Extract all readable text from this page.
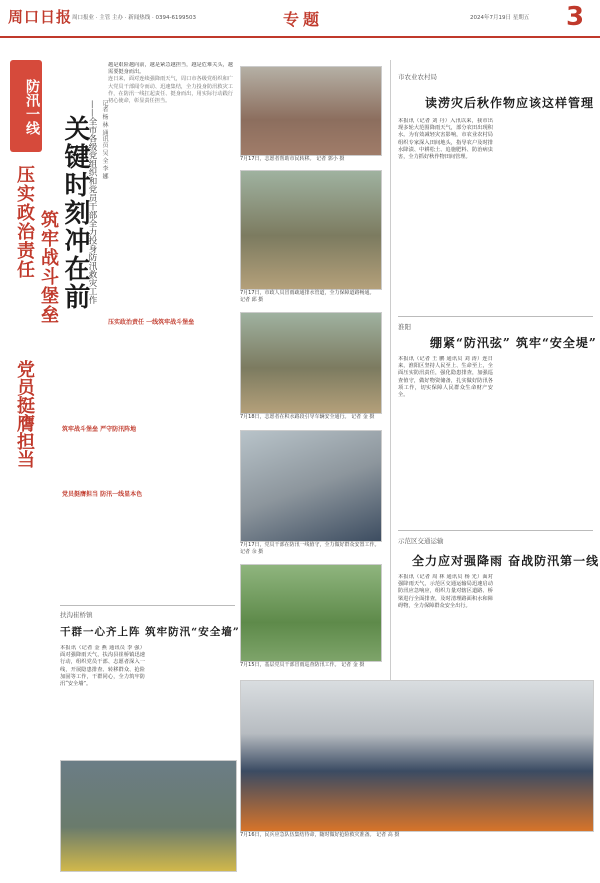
周口日报 周口报业 · 主管 主办 · 新闻热线 · 0394-6199503	专题	2024年7月19日 星期五 3
防汛一线
压实政治责任
党员挺膺担当
筑牢战斗堡垒 关键时刻冲在前
——全市各级党组织和党员干部全力投身防汛救灾工作 记者 杨 林 通讯员 吴 全 李 娜
越是艰险越向前，越是紧急越担当，越是危难关头，越需要挺身而出。
连日来，面对连续强降雨天气，周口市各级党组织和广大党员干部闻令而动、迅速集结，全力投身防汛救灾工作，在防汛一线扛起责任、挺身而出，用实际行动践行初心使命，彰显责任担当。
压实政治责任 一线筑牢战斗堡垒
筑牢战斗堡垒 严守防汛阵地
党员挺膺担当 防汛一线显本色
扶沟崔桥镇
干群一心齐上阵 筑牢防汛“安全墙”
本报讯（记者 金 燕 通讯员 李 强）面对强降雨天气，扶沟县崔桥镇迅速行动，组织党员干部、志愿者深入一线，开展隐患排查、转移群众、抢险加固等工作，干群同心，全力筑牢防汛“安全墙”。
7月17日，志愿者帮助市民转移。 记者 郭小 摄
7月17日，市政人员冒雨疏通排水管道，全力保障道路畅通。 记者 邱 摄
7月18日，志愿者在积水路段引导车辆安全通行。 记者 金 摄
7月17日，党员干部在防汛一线值守，全力做好群众安置工作。 记者 余 摄
7月15日，基层党员干部冒雨巡查防汛工作。 记者 金 摄
市农业农村局
读涝灾后秋作物应该这样管理
本报讯（记者 刘 丹）入汛以来，我市出现多轮大范围降雨天气，部分农田出现积水。为有效减轻灾害影响，市农业农村局组织专家深入田间地头，指导农户及时排水降渍、中耕松土、追施肥料、防治病虫害，全力抓好秋作物田间管理。
淮阳
绷紧“防汛弦” 筑牢“安全堤”
本报讯（记者 王 鹏 通讯员 刘 涛）连日来，淮阳区坚持人民至上、生命至上，全面压实防汛责任，强化隐患排查，加强巡查值守，做好物资储备，扎实做好防汛各项工作，切实保障人民群众生命财产安全。
示范区交通运输
全力应对强降雨 奋战防汛第一线
本报讯（记者 周 林 通讯员 杨 光）面对强降雨天气，示范区交通运输局迅速启动防汛应急响应，组织力量对辖区道路、桥梁进行全面排查，及时清理路面积水和障碍物，全力保障群众安全出行。
7月16日，民兵应急队伍集结待命，随时做好抢险救灾准备。 记者 高 摄
